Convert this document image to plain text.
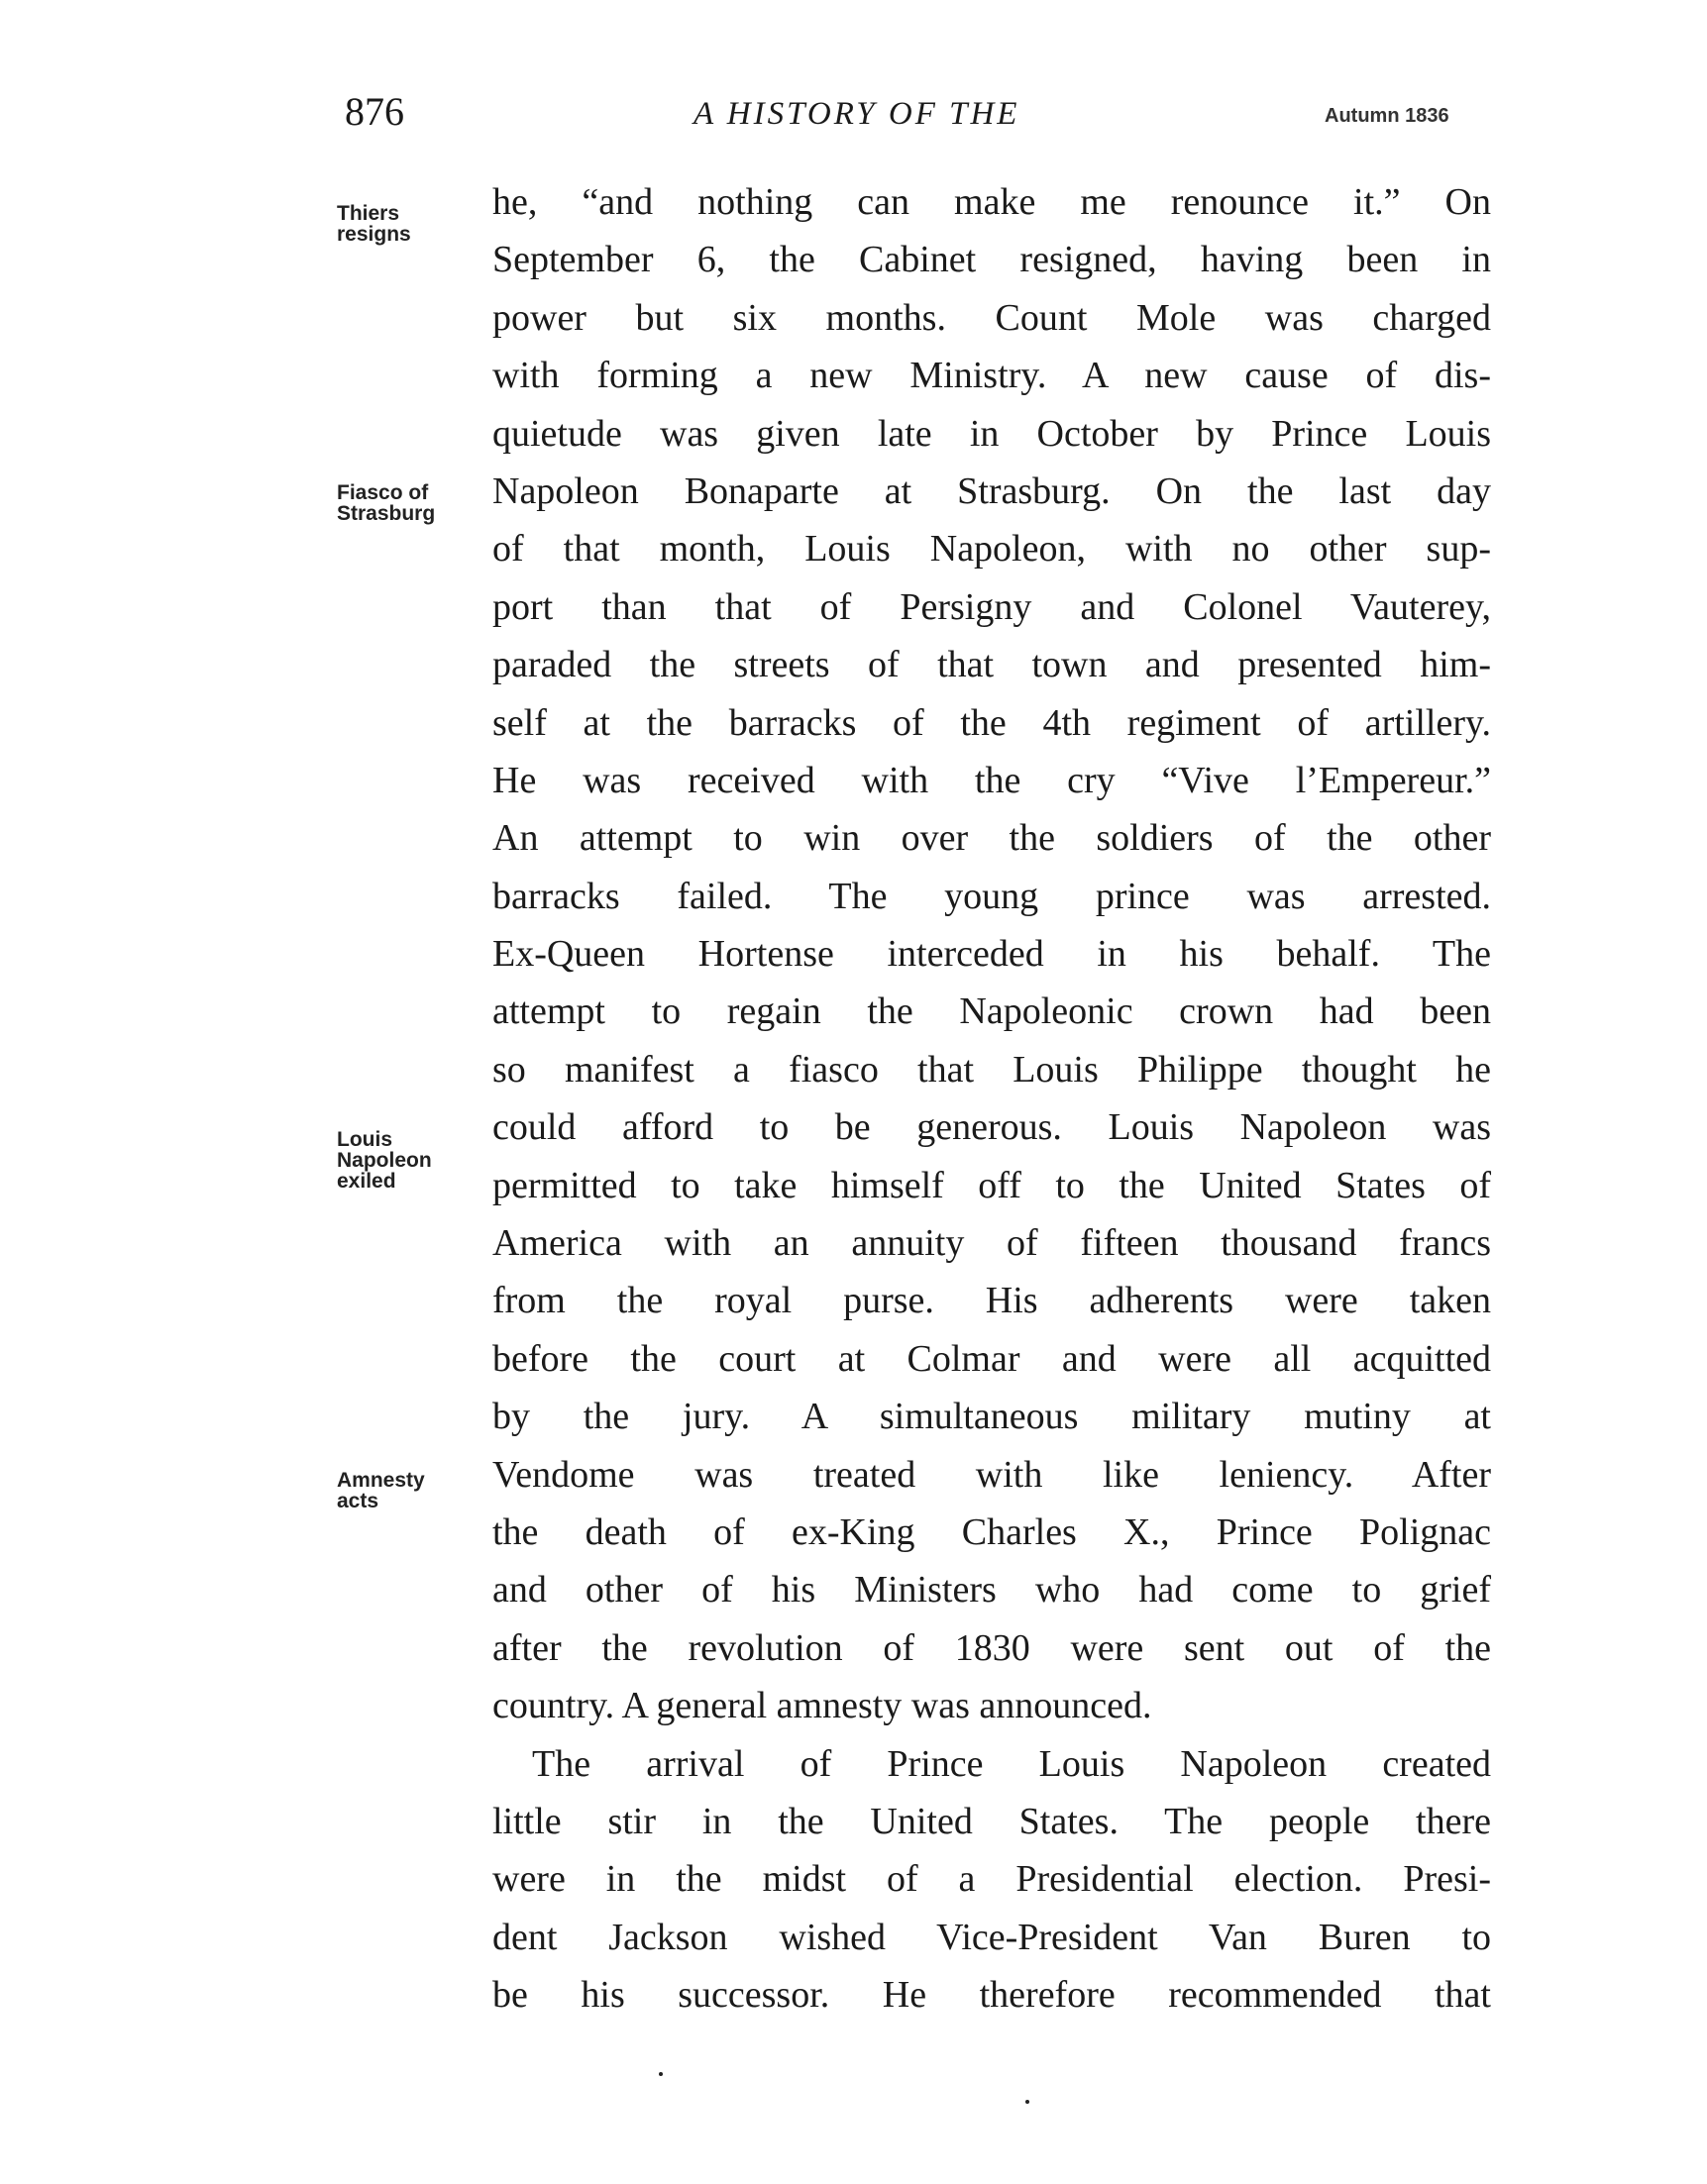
876	A HISTORY OF THE	Autumn 1836
Thiers
resigns
Fiasco of
Strasburg
Louis
Napoleon
exiled
Amnesty
acts
he, “and nothing can make me renounce it.” On
September 6, the Cabinet resigned, having been in
power but six months. Count Mole was charged
with forming a new Ministry. A new cause of dis-
quietude was given late in October by Prince Louis
Napoleon Bonaparte at Strasburg. On the last day
of that month, Louis Napoleon, with no other sup-
port than that of Persigny and Colonel Vauterey,
paraded the streets of that town and presented him-
self at the barracks of the 4th regiment of artillery.
He was received with the cry “Vive l’Empereur.”
An attempt to win over the soldiers of the other
barracks failed. The young prince was arrested.
Ex-Queen Hortense interceded in his behalf. The
attempt to regain the Napoleonic crown had been
so manifest a fiasco that Louis Philippe thought he
could afford to be generous. Louis Napoleon was
permitted to take himself off to the United States of
America with an annuity of fifteen thousand francs
from the royal purse. His adherents were taken
before the court at Colmar and were all acquitted
by the jury. A simultaneous military mutiny at
Vendome was treated with like leniency. After
the death of ex-King Charles X., Prince Polignac
and other of his Ministers who had come to grief
after the revolution of 1830 were sent out of the
country. A general amnesty was announced.
The arrival of Prince Louis Napoleon created
little stir in the United States. The people there
were in the midst of a Presidential election. Presi-
dent Jackson wished Vice-President Van Buren to
be his successor. He therefore recommended that
